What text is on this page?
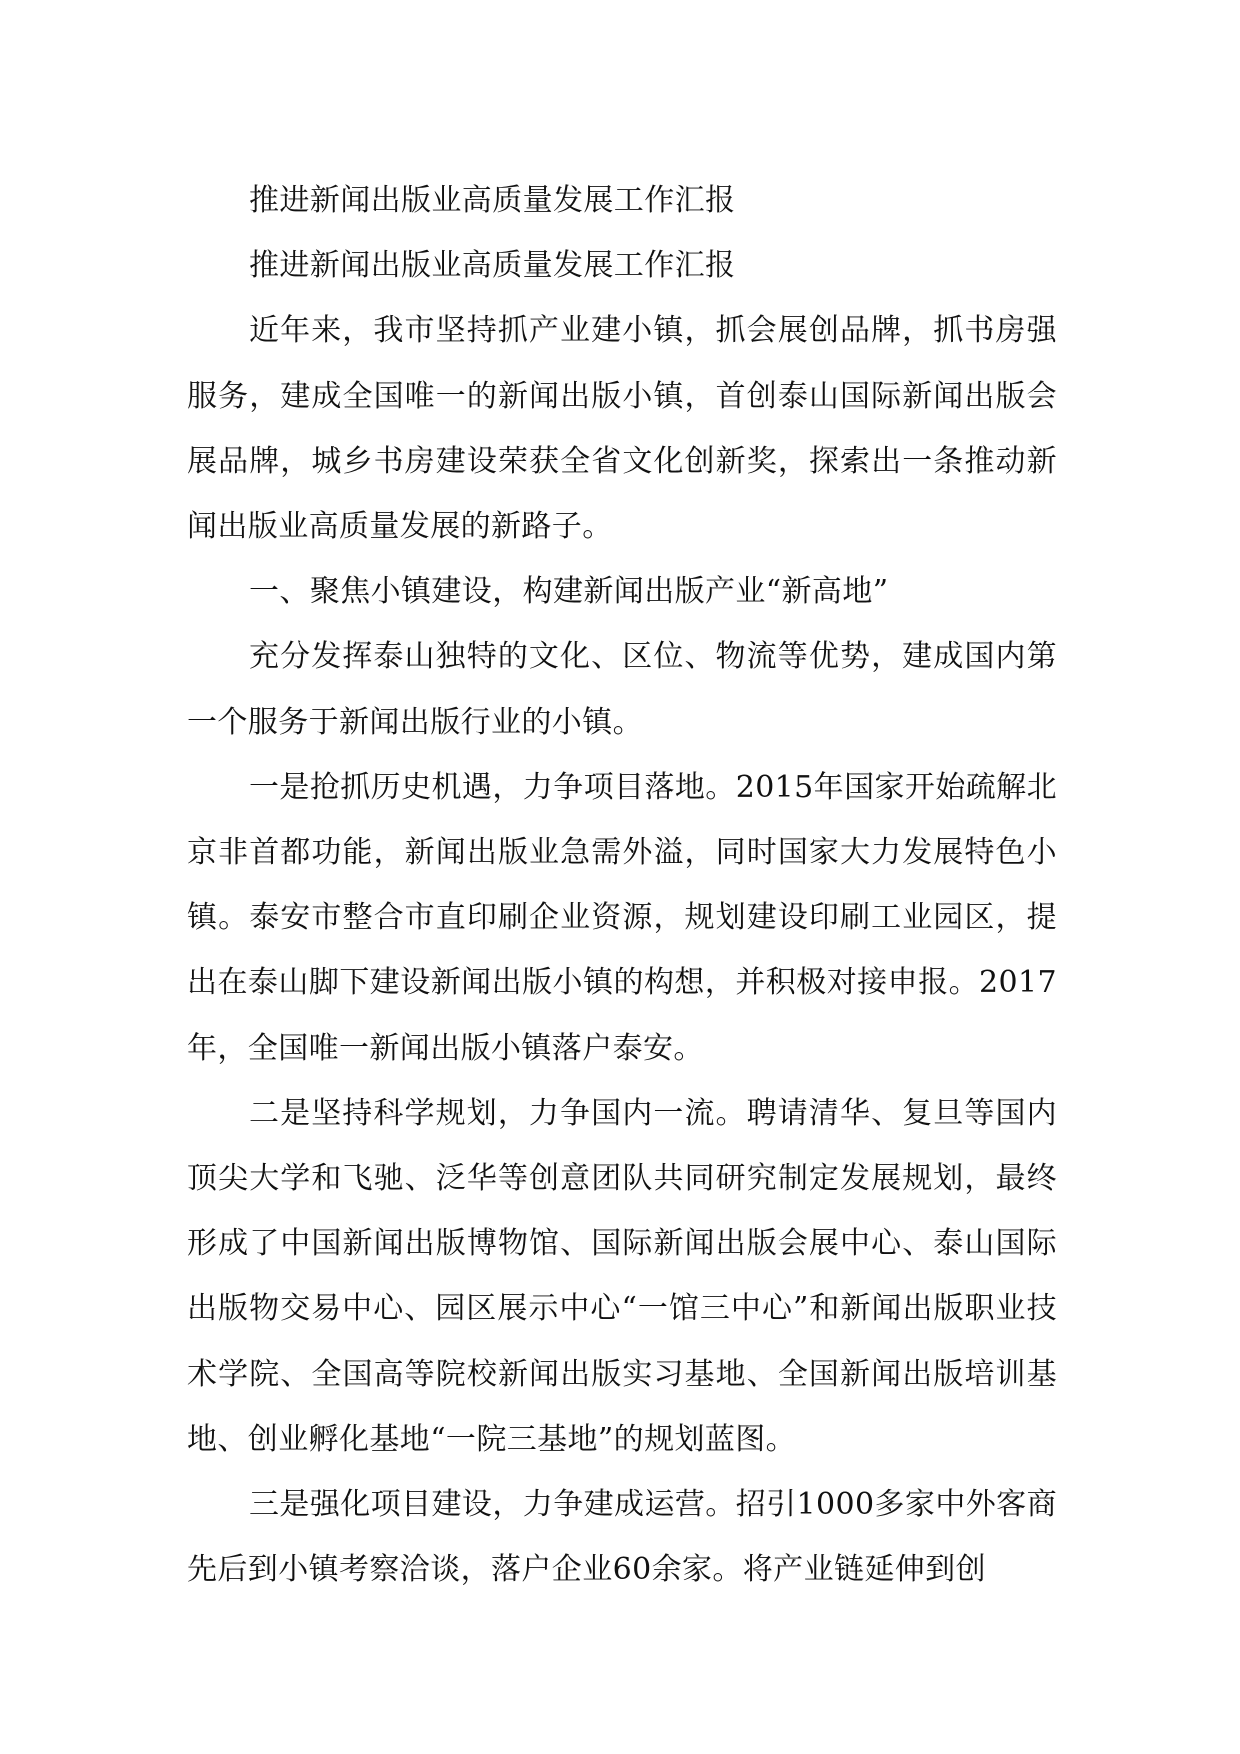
推进新闻出版业高质量发展工作汇报

推进新闻出版业高质量发展工作汇报

近年来，我市坚持抓产业建小镇，抓会展创品牌，抓书房强服务，建成全国唯一的新闻出版小镇，首创泰山国际新闻出版会展品牌，城乡书房建设荣获全省文化创新奖，探索出一条推动新闻出版业高质量发展的新路子。

一、聚焦小镇建设，构建新闻出版产业“新高地”

充分发挥泰山独特的文化、区位、物流等优势，建成国内第一个服务于新闻出版行业的小镇。

一是抢抓历史机遇，力争项目落地。2015年国家开始疏解北京非首都功能，新闻出版业急需外溢，同时国家大力发展特色小镇。泰安市整合市直印刷企业资源，规划建设印刷工业园区，提出在泰山脚下建设新闻出版小镇的构想，并积极对接申报。2017年，全国唯一新闻出版小镇落户泰安。

二是坚持科学规划，力争国内一流。聘请清华、复旦等国内顶尖大学和飞驰、泛华等创意团队共同研究制定发展规划，最终形成了中国新闻出版博物馆、国际新闻出版会展中心、泰山国际出版物交易中心、园区展示中心“一馆三中心”和新闻出版职业技术学院、全国高等院校新闻出版实习基地、全国新闻出版培训基地、创业孵化基地“一院三基地”的规划蓝图。

三是强化项目建设，力争建成运营。招引1000多家中外客商先后到小镇考察洽谈，落户企业60余家。将产业链延伸到创
